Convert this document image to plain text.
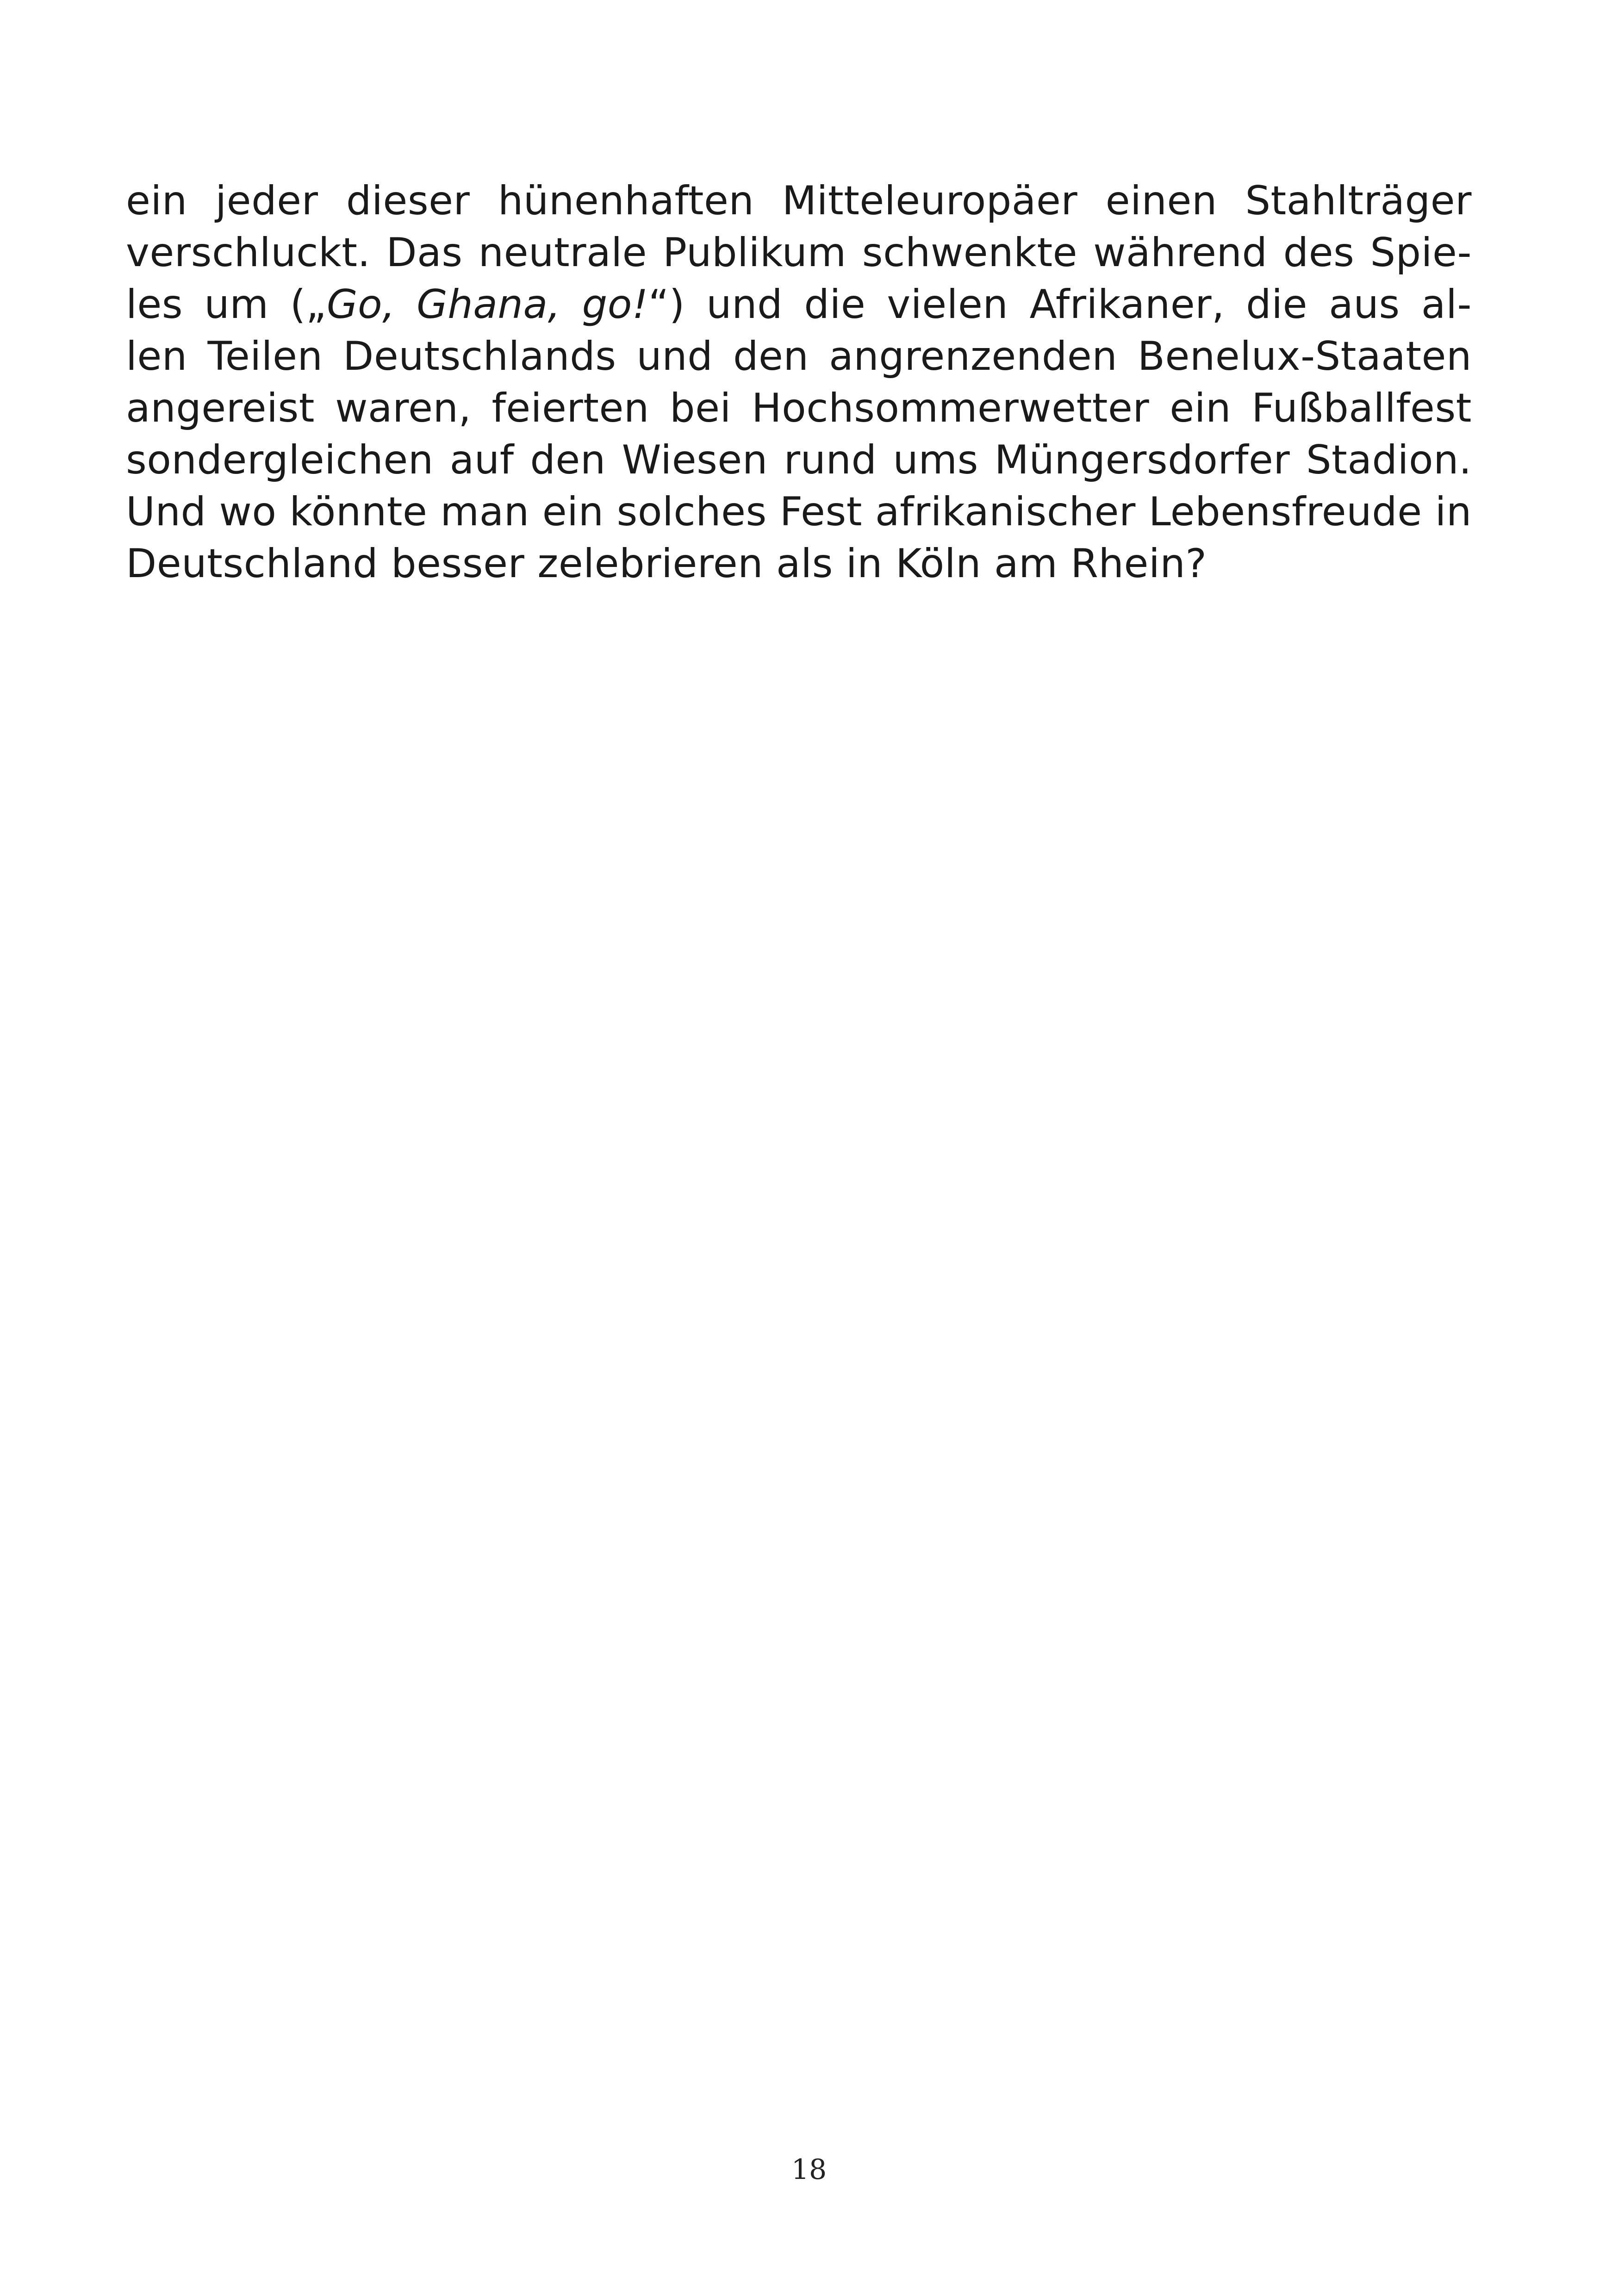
ein jeder dieser hünenhaften Mitteleuropäer einen Stahlträger
verschluckt. Das neutrale Publikum schwenkte während des Spie-
les um („Go, Ghana, go!“) und die vielen Afrikaner, die aus al-
len Teilen Deutschlands und den angrenzenden Benelux-Staaten
angereist waren, feierten bei Hochsommerwetter ein Fußballfest
sondergleichen auf den Wiesen rund ums Müngersdorfer Stadion.
Und wo könnte man ein solches Fest afrikanischer Lebensfreude in
Deutschland besser zelebrieren als in Köln am Rhein?
18
